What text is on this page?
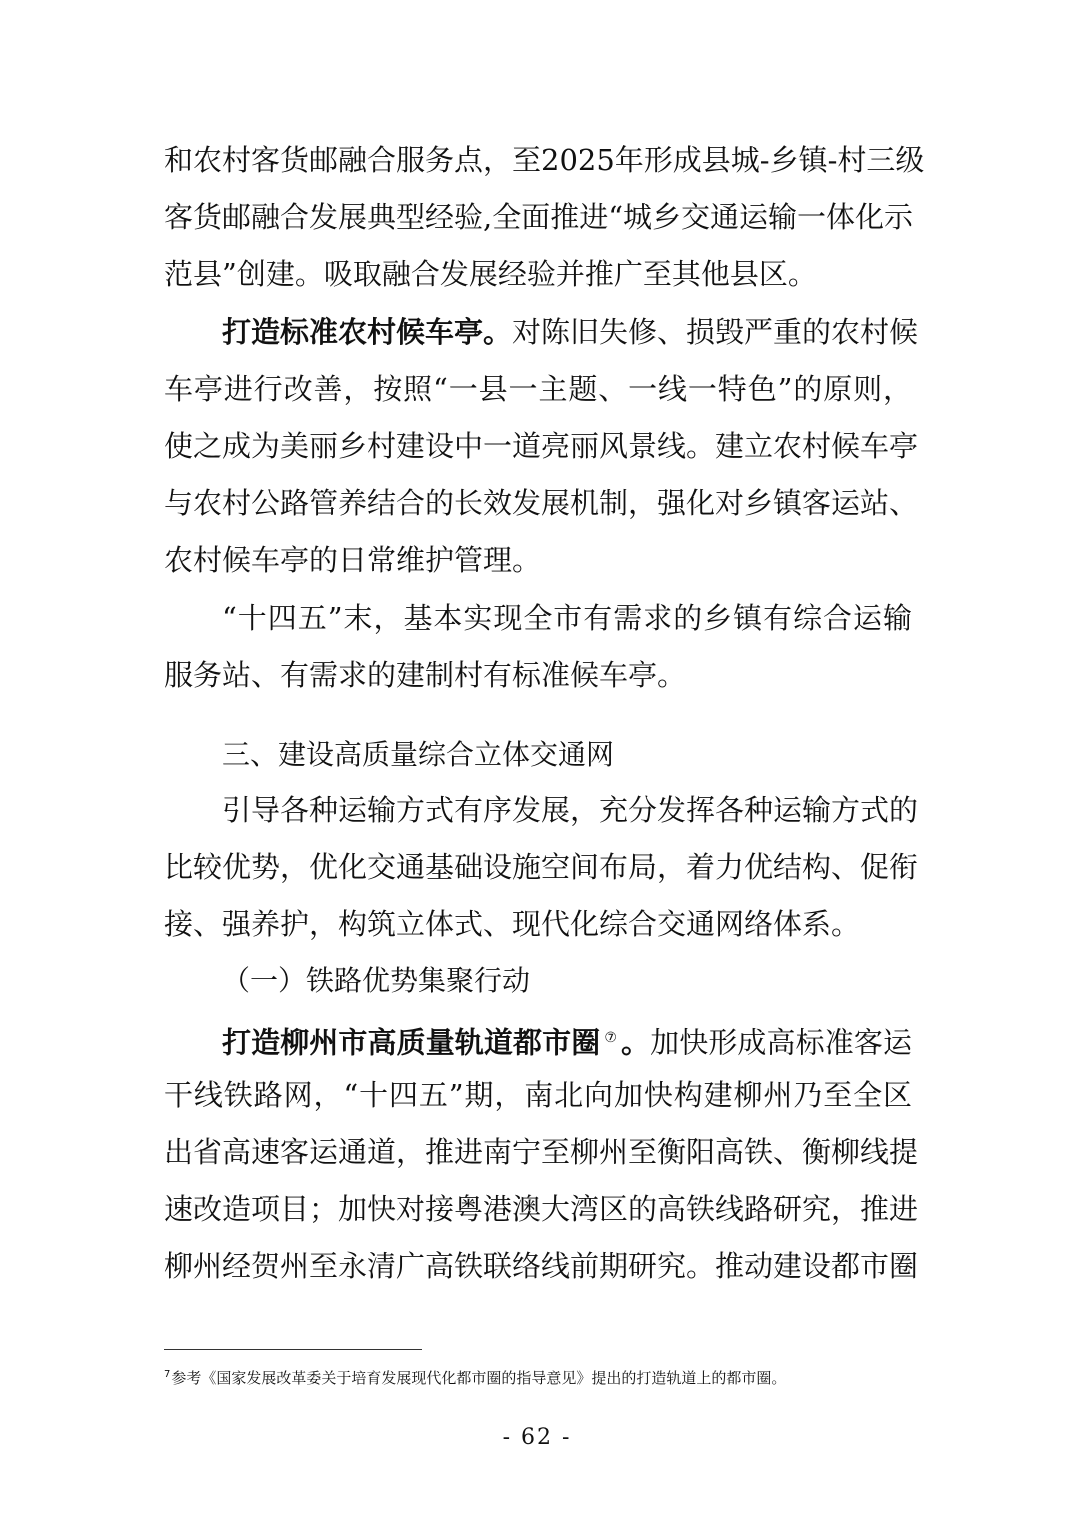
和农村客货邮融合服务点，至2025年形成县城-乡镇-村三级
客货邮融合发展典型经验,全面推进“城乡交通运输一体化示
范县”创建。吸取融合发展经验并推广至其他县区。
打造标准农村候车亭。对陈旧失修、损毁严重的农村候
车亭进行改善，按照“一县一主题、一线一特色”的原则，
使之成为美丽乡村建设中一道亮丽风景线。建立农村候车亭
与农村公路管养结合的长效发展机制，强化对乡镇客运站、
农村候车亭的日常维护管理。
“十四五”末，基本实现全市有需求的乡镇有综合运输
服务站、有需求的建制村有标准候车亭。
三、建设高质量综合立体交通网
引导各种运输方式有序发展，充分发挥各种运输方式的
比较优势，优化交通基础设施空间布局，着力优结构、促衔
接、强养护，构筑立体式、现代化综合交通网络体系。
（一）铁路优势集聚行动
打造柳州市高质量轨道都市圈 ⑦ 。加快形成高标准客运
干线铁路网，“十四五”期，南北向加快构建柳州乃至全区
出省高速客运通道，推进南宁至柳州至衡阳高铁、衡柳线提
速改造项目；加快对接粤港澳大湾区的高铁线路研究，推进
柳州经贺州至永清广高铁联络线前期研究。推动建设都市圈
$^7$参考《国家发展改革委关于培育发展现代化都市圈的指导意见》提出的打造轨道上的都市圈。
- 62 -
